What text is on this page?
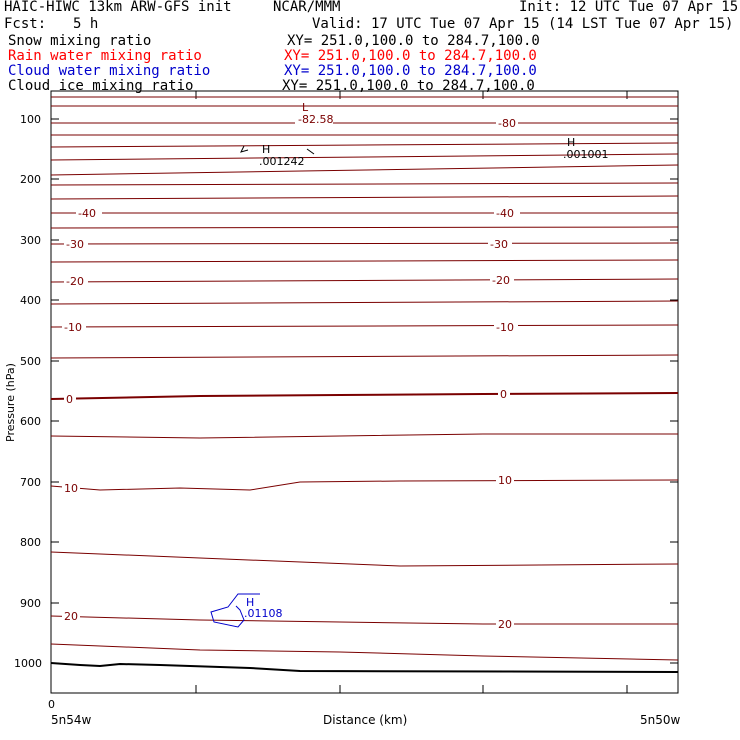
HAIC-HIWC 13km ARW-GFS init	NCAR/MMM	Init: 12 UTC Tue 07 Apr 15
Fcst: 5 h	Valid: 17 UTC Tue 07 Apr 15 (14 LST Tue 07 Apr 15)
Snow mixing ratio	XY= 251.0,100.0 to 284.7,100.0
Rain water mixing ratio	XY= 251.0,100.0 to 284.7,100.0
Cloud water mixing ratio	XY= 251.0,100.0 to 284.7,100.0
Cloud ice mixing ratio	XY= 251.0,100.0 to 284.7,100.0
100
200
300
400
500
600
700
800
900
1000
Pressure (hPa)
0
5n54w	Distance (km)	5n50w
-82.58	-80
-40	-40
-30	-30
-20	-20
-10	-10
0	0
10
10
20
20
L
H
.001242
H
.001001
H
.01108
